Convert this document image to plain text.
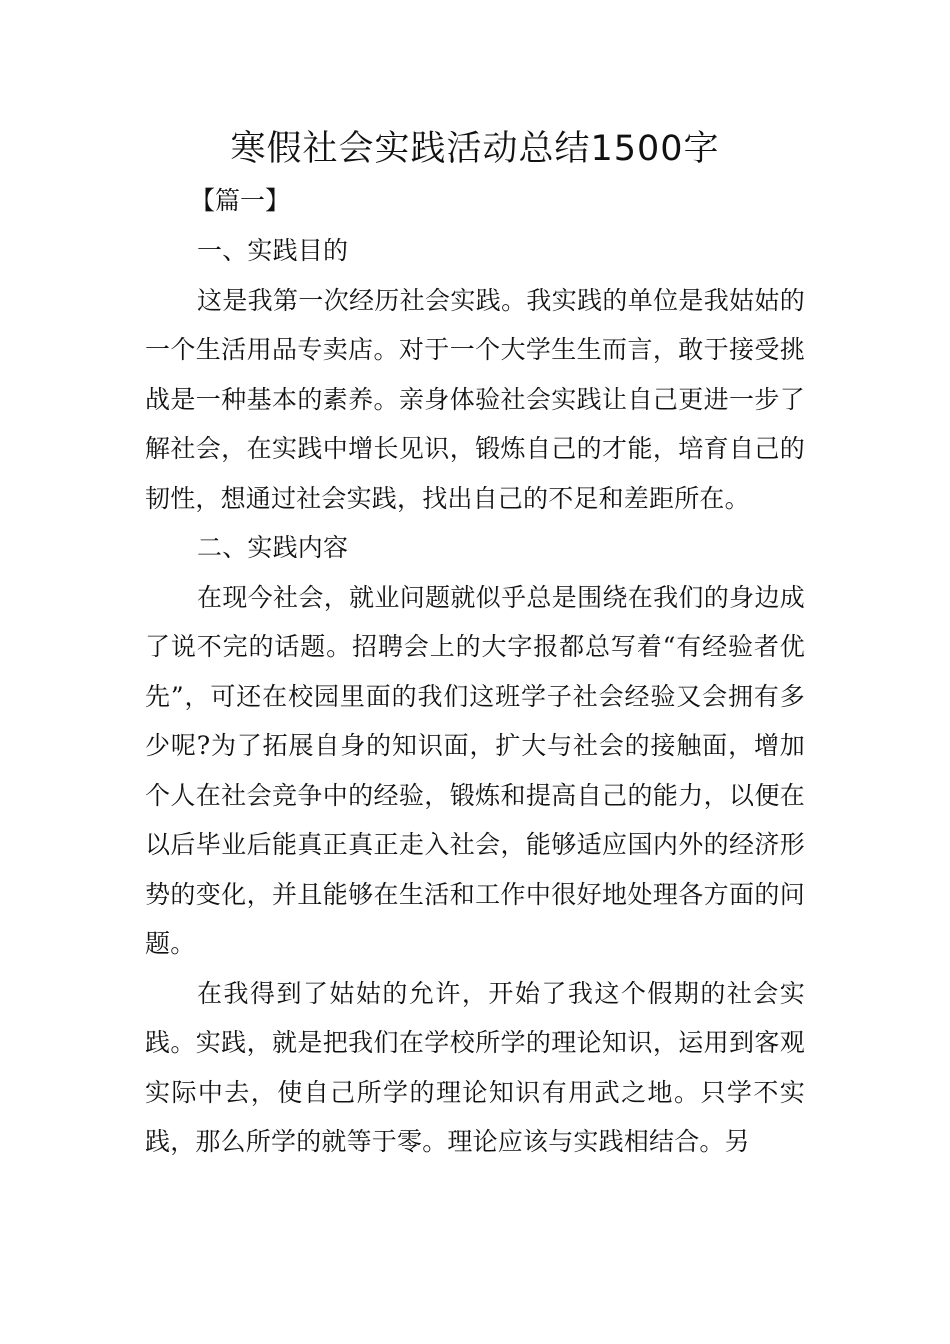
寒假社会实践活动总结1500字
【篇一】

一、实践目的

这是我第一次经历社会实践。我实践的单位是我姑姑的一个生活用品专卖店。对于一个大学生生而言，敢于接受挑战是一种基本的素养。亲身体验社会实践让自己更进一步了解社会，在实践中增长见识，锻炼自己的才能，培育自己的韧性，想通过社会实践，找出自己的不足和差距所在。

二、实践内容

在现今社会，就业问题就似乎总是围绕在我们的身边成了说不完的话题。招聘会上的大字报都总写着“有经验者优先”，可还在校园里面的我们这班学子社会经验又会拥有多少呢?为了拓展自身的知识面，扩大与社会的接触面，增加个人在社会竞争中的经验，锻炼和提高自己的能力，以便在以后毕业后能真正真正走入社会，能够适应国内外的经济形势的变化，并且能够在生活和工作中很好地处理各方面的问题。

在我得到了姑姑的允许，开始了我这个假期的社会实践。实践，就是把我们在学校所学的理论知识，运用到客观实际中去，使自己所学的理论知识有用武之地。只学不实践，那么所学的就等于零。理论应该与实践相结合。另
